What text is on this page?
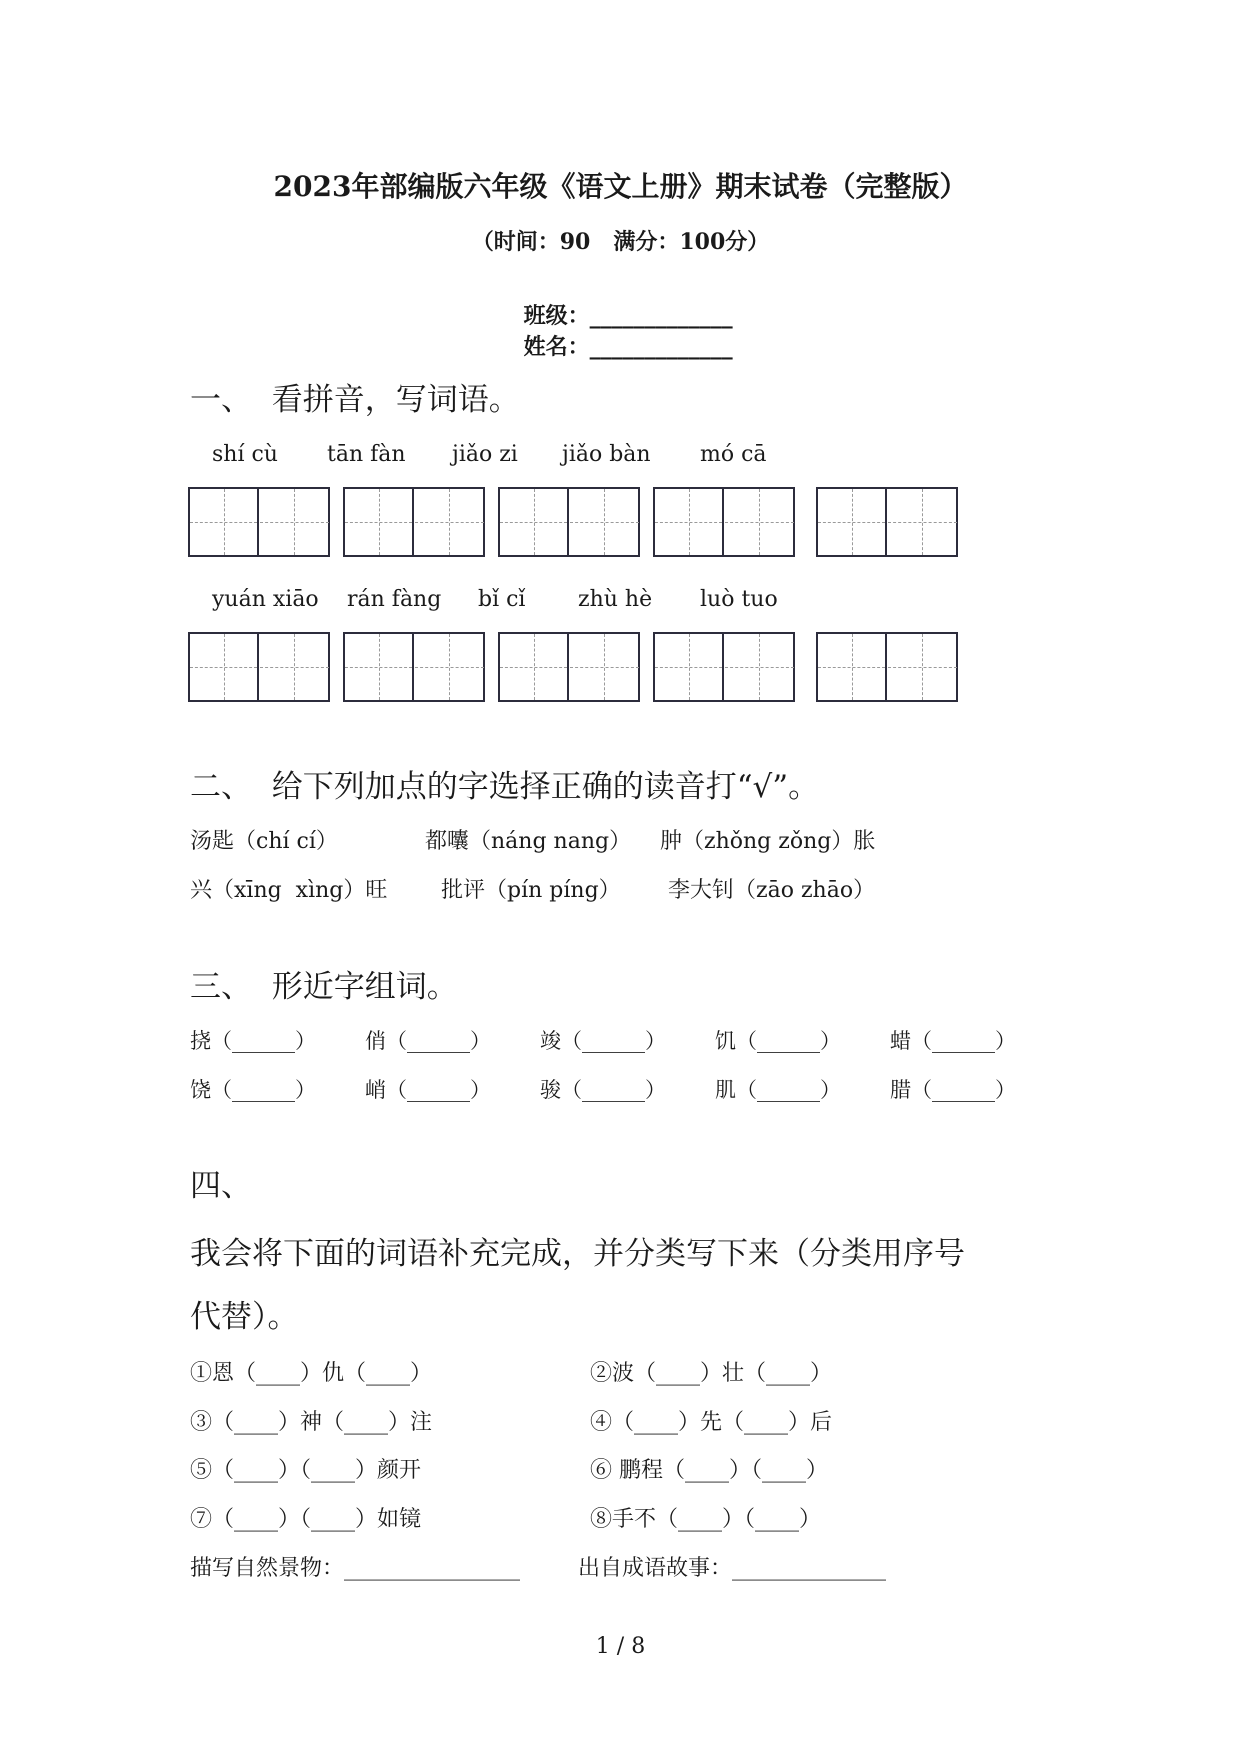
2023年部编版六年级《语文上册》期末试卷（完整版）
（时间：90   满分：100分）

班级：_____________
姓名：_____________

一、  看拼音，写词语。
shí cù tān fàn jiǎo zi jiǎo bàn mó cā
yuán xiāo rán fàng bǐ cǐ zhù hè luò tuo
二、  给下列加点的字选择正确的读音打“√”。
汤匙（chí cí）	都囔（náng nang） 肿（zhǒng zǒng）胀
兴（xīng  xìng）旺 批评（pín píng） 李大钊（zāo zhāo）
三、  形近字组词。
挠（______） 俏（______） 竣（______） 饥（______） 蜡（______）
饶（______） 峭（______） 骏（______） 肌（______） 腊（______）
四、
我会将下面的词语补充完成，并分类写下来（分类用序号
代替）。
①恩（____）仇（____）	②波（____）壮（____）
③（____）神（____）注	④（____）先（____）后
⑤（____）（____）颜开	⑥ 鹏程（____）（____）
⑦（____）（____）如镜	⑧手不（____）（____）
描写自然景物：________________	出自成语故事：______________
1 / 8
